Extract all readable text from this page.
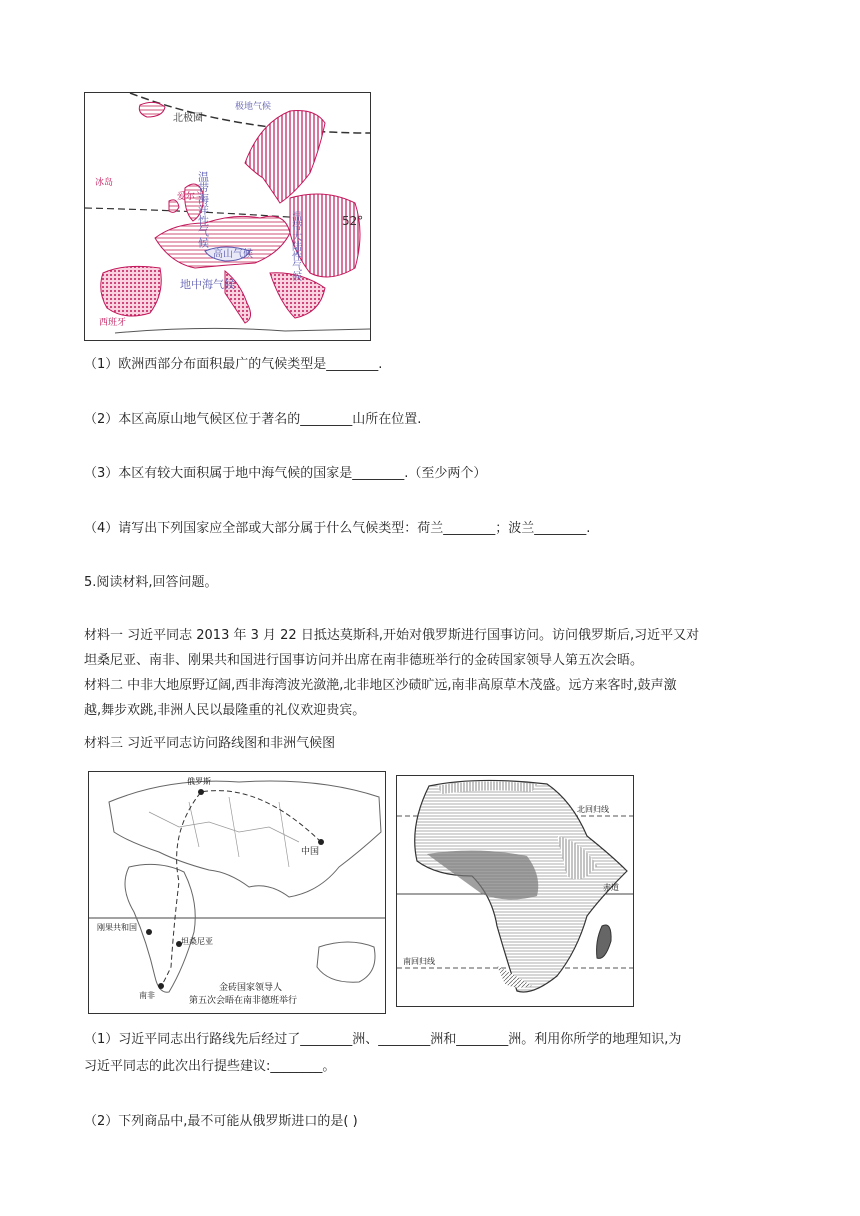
北极圈
极地气候
冰岛
爱尔兰
52°
温带海洋性气候	温带大陆性气候
高山气候
地中海气候
西班牙
（1）欧洲西部分布面积最广的气候类型是________.
（2）本区高原山地气候区位于著名的________山所在位置.
（3）本区有较大面积属于地中海气候的国家是________.（至少两个）
（4）请写出下列国家应全部或大部分属于什么气候类型：荷兰________；波兰________.
5.阅读材料,回答问题。
材料一 习近平同志 2013 年 3 月 22 日抵达莫斯科,开始对俄罗斯进行国事访问。访问俄罗斯后,习近平又对
坦桑尼亚、南非、刚果共和国进行国事访问并出席在南非德班举行的金砖国家领导人第五次会晤。
材料二 中非大地原野辽阔,西非海湾波光潋滟,北非地区沙碛旷远,南非高原草木茂盛。远方来客时,鼓声激
越,舞步欢跳,非洲人民以最隆重的礼仪欢迎贵宾。
材料三 习近平同志访问路线图和非洲气候图
俄罗斯
中国
刚果共和国
坦桑尼亚
南非
金砖国家领导人
第五次会晤在南非德班举行
北回归线
赤道
南回归线
（1）习近平同志出行路线先后经过了________洲、________洲和________洲。利用你所学的地理知识,为
习近平同志的此次出行提些建议:________。
（2）下列商品中,最不可能从俄罗斯进口的是( )
